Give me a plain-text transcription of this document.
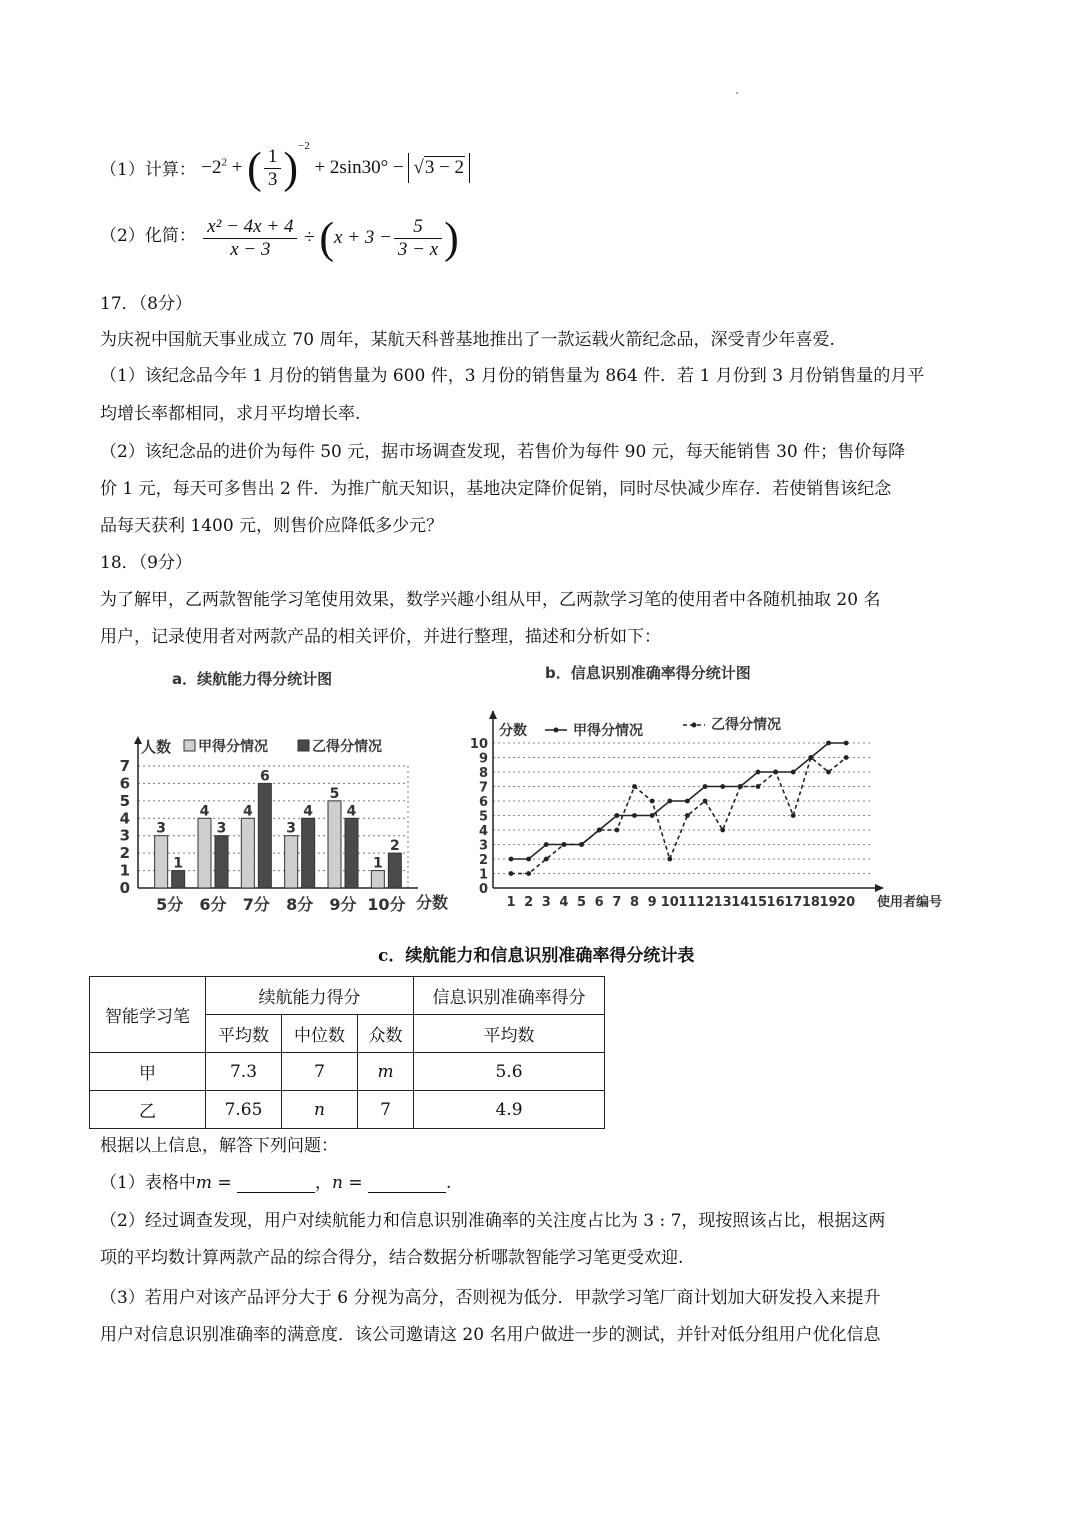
（1）计算： $-2^2$ + ( $\frac{1}{3} )^{-2} + 2\sin 30^\circ - √3 - 2$
（2）化简： $\frac{\text{x² − 4x + 4}}{x - 3} \div (x + 3 - \frac{5}{3 - x}$ )
17．（8分）
为庆祝中国航天事业成立 70 周年，某航天科普基地推出了一款运载火箭纪念品，深受青少年喜爱.
（1）该纪念品今年 1 月份的销售量为 600 件，3 月份的销售量为 864 件．若 1 月份到 3 月份销售量的月平
均增长率都相同，求月平均增长率.
（2）该纪念品的进价为每件 50 元，据市场调查发现，若售价为每件 90 元，每天能销售 30 件；售价每降
价 1 元，每天可多售出 2 件．为推广航天知识，基地决定降价促销，同时尽快减少库存．若使销售该纪念
品每天获利 1400 元，则售价应降低多少元？
18．（9分）
为了解甲，乙两款智能学习笔使用效果，数学兴趣小组从甲，乙两款学习笔的使用者中各随机抽取 20 名
用户，记录使用者对两款产品的相关评价，并进行整理，描述和分析如下：
a．续航能力得分统计图	b．信息识别准确率得分统计图
0
1
2
3
4
5
6
7
人数 甲得分情况	乙得分情况
3
1
5分
4
3
6分
4
6
7分
3
4
8分
5
4
9分
1
2
10分 分数
0
1
2
3
4
5
6
7
8
9
10
分数	甲得分情况	乙得分情况
1 2 3 4 5 6 7 8 9 10 11 12 13 14 15 16 17 18 19 20 使用者编号
c．续航能力和信息识别准确率得分统计表
智能学习笔	续航能力得分			信息识别准确率得分
	平均数	中位数	众数	平均数
甲	7.3	7	m	5.6
乙	7.65	n	7	4.9
根据以上信息，解答下列问题：
（1）表格中m =	，n =	.
（2）经过调查发现，用户对续航能力和信息识别准确率的关注度占比为 3 : 7，现按照该占比，根据这两
项的平均数计算两款产品的综合得分，结合数据分析哪款智能学习笔更受欢迎.
（3）若用户对该产品评分大于 6 分视为高分，否则视为低分．甲款学习笔厂商计划加大研发投入来提升
用户对信息识别准确率的满意度．该公司邀请这 20 名用户做进一步的测试，并针对低分组用户优化信息
